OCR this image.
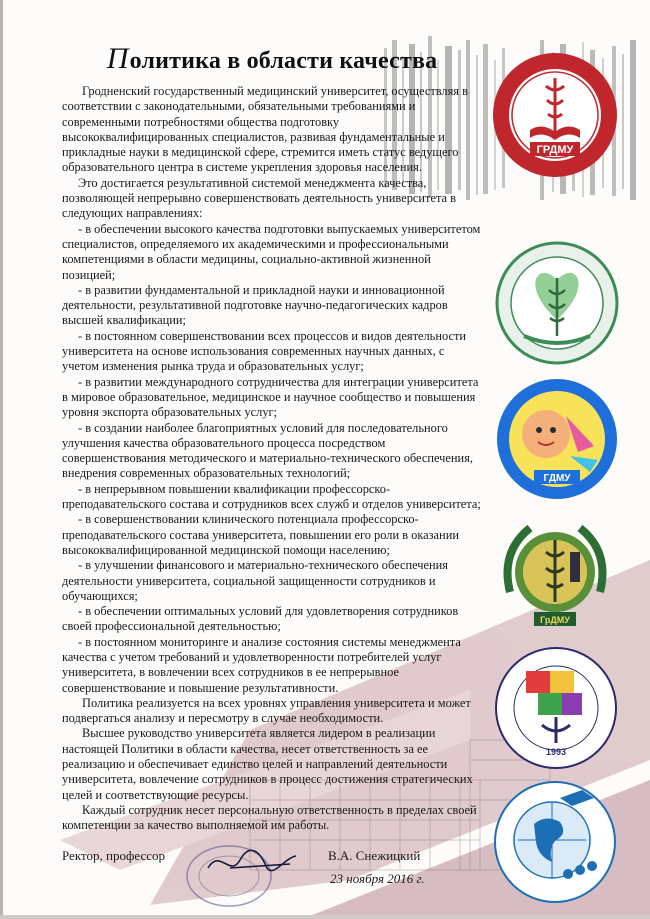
Политика в области качества

Гродненский государственный медицинский университет, осуществляя в соответствии с законодательными, обязательными требованиями и современными потребностями общества подготовку высококвалифицированных специалистов, развивая фундаментальные и прикладные науки в медицинской сфере, стремится иметь статус ведущего образовательного центра в системе укрепления здоровья населения.

Это достигается результативной системой менеджмента качества, позволяющей непрерывно совершенствовать деятельность университета в следующих направлениях:

- в обеспечении высокого качества подготовки выпускаемых университетом специалистов, определяемого их академическими и профессиональными компетенциями в области медицины, социально-активной жизненной позицией;

- в развитии фундаментальной и прикладной науки и инновационной деятельности, результативной подготовке научно-педагогических кадров высшей квалификации;

- в постоянном совершенствовании всех процессов и видов деятельности университета на основе использования современных научных данных, с учетом изменения рынка труда и образовательных услуг;

- в развитии международного сотрудничества для интеграции университета в мировое образовательное, медицинское и научное сообщество и повышения уровня экспорта образовательных услуг;

- в создании наиболее благоприятных условий для последовательного улучшения качества образовательного процесса посредством совершенствования методического и материально-технического обеспечения, внедрения современных образовательных технологий;

- в непрерывном повышении квалификации профессорско-преподавательского состава и сотрудников всех служб и отделов университета;

- в совершенствовании клинического потенциала профессорско-преподавательского состава университета, повышении его роли в оказании высококвалифицированной медицинской помощи населению;

- в улучшении финансового и материально-технического обеспечения деятельности университета, социальной защищенности сотрудников и обучающихся;

- в обеспечении оптимальных условий для удовлетворения сотрудников своей профессиональной деятельностью;

- в постоянном мониторинге и анализе состояния системы менеджмента качества с учетом требований и удовлетворенности потребителей услуг университета, в вовлечении всех сотрудников в ее непрерывное совершенствование и повышение результативности.

Политика реализуется на всех уровнях управления университета и может подвергаться анализу и пересмотру в случае необходимости.

Высшее руководство университета является лидером в реализации настоящей Политики в области качества, несет ответственность за ее реализацию и обеспечивает единство целей и направлений деятельности университета, вовлечение сотрудников в процесс достижения стратегических целей и соответствующие ресурсы.

Каждый сотрудник несет персональную ответственность в пределах своей компетенции за качество выполняемой им работы.

Ректор, профессор	В.А. Снежицкий
23 ноября 2016 г.
ГРДМУ
ГДМУ
ГрДМУ
1993
